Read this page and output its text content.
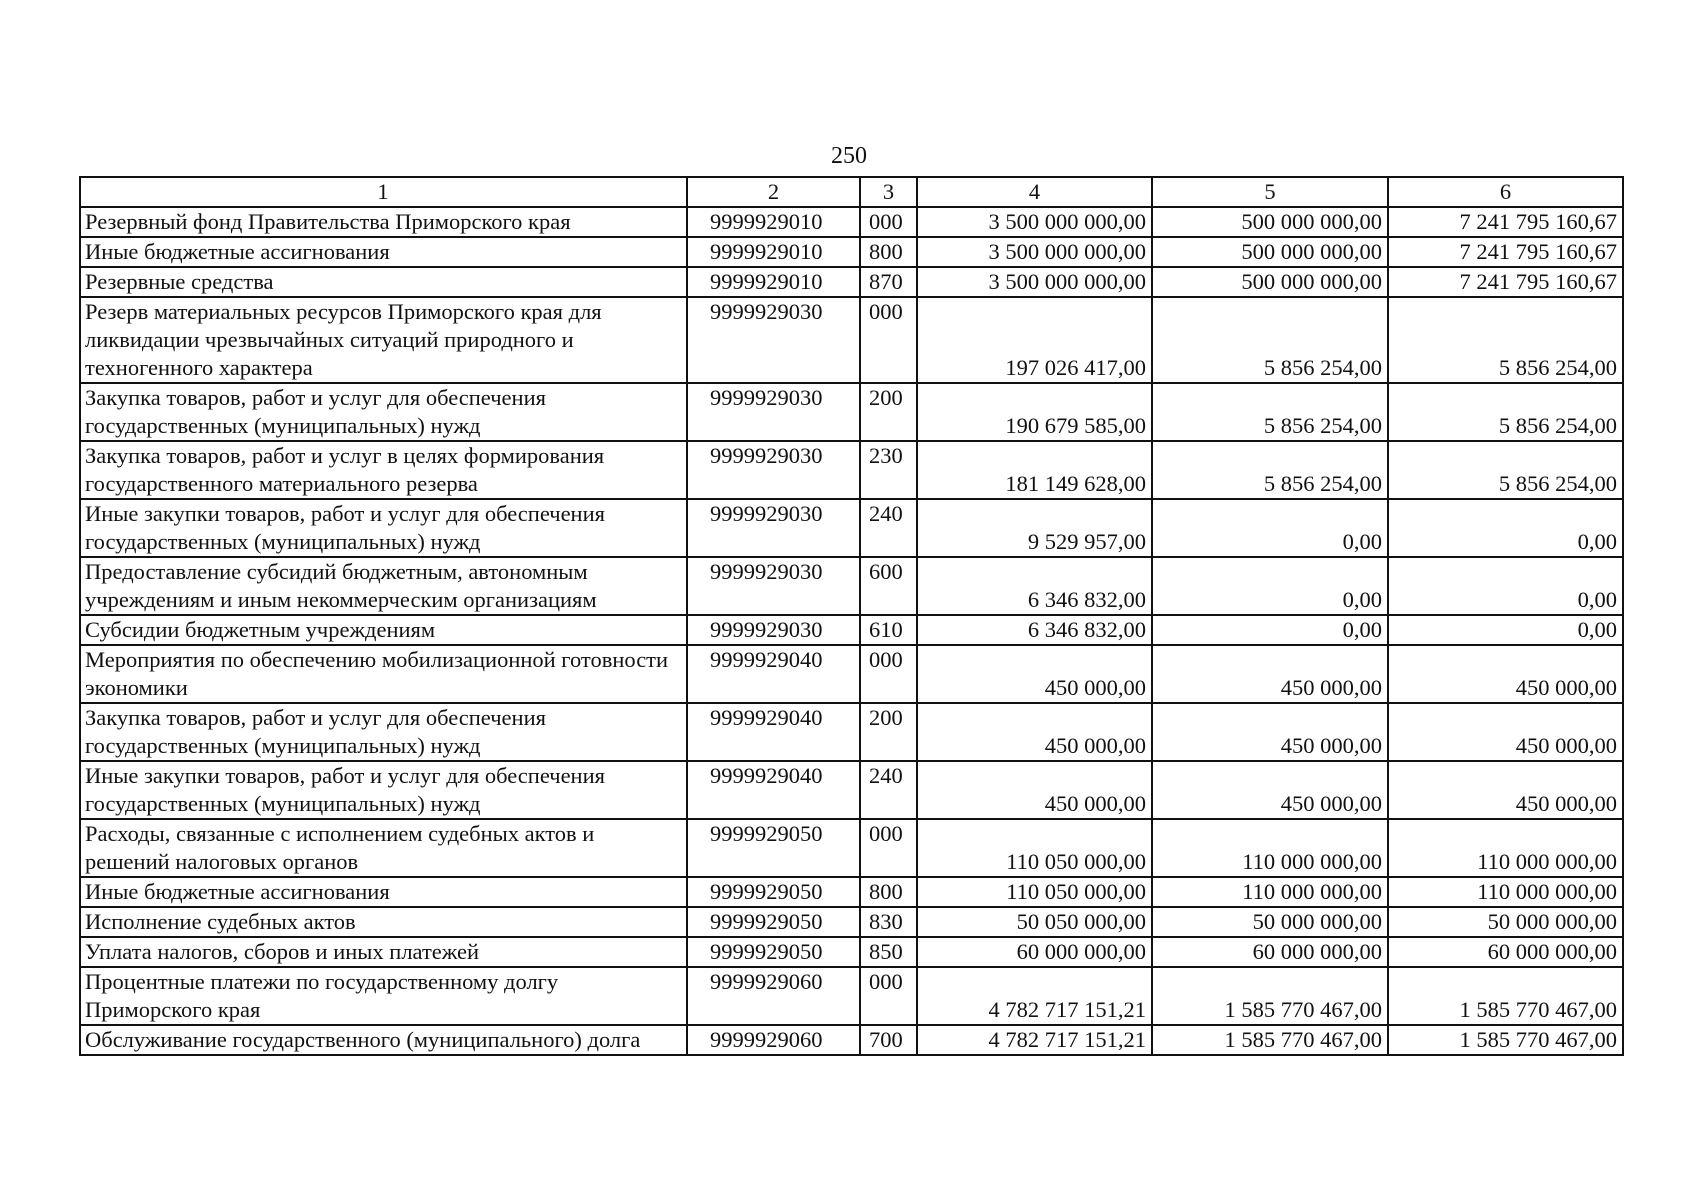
250
1	2	3	4	5	6
Резервный фонд Правительства Приморского края	9999929010	000	3 500 000 000,00	500 000 000,00	7 241 795 160,67
Иные бюджетные ассигнования	9999929010	800	3 500 000 000,00	500 000 000,00	7 241 795 160,67
Резервные средства	9999929010	870	3 500 000 000,00	500 000 000,00	7 241 795 160,67
Резерв материальных ресурсов Приморского края для ликвидации чрезвычайных ситуаций природного и техногенного характера	9999929030	000	197 026 417,00	5 856 254,00	5 856 254,00
Закупка товаров, работ и услуг для обеспечения государственных (муниципальных) нужд	9999929030	200	190 679 585,00	5 856 254,00	5 856 254,00
Закупка товаров, работ и услуг в целях формирования государственного материального резерва	9999929030	230	181 149 628,00	5 856 254,00	5 856 254,00
Иные закупки товаров, работ и услуг для обеспечения государственных (муниципальных) нужд	9999929030	240	9 529 957,00	0,00	0,00
Предоставление субсидий бюджетным, автономным учреждениям и иным некоммерческим организациям	9999929030	600	6 346 832,00	0,00	0,00
Субсидии бюджетным учреждениям	9999929030	610	6 346 832,00	0,00	0,00
Мероприятия по обеспечению мобилизационной готовности экономики	9999929040	000	450 000,00	450 000,00	450 000,00
Закупка товаров, работ и услуг для обеспечения государственных (муниципальных) нужд	9999929040	200	450 000,00	450 000,00	450 000,00
Иные закупки товаров, работ и услуг для обеспечения государственных (муниципальных) нужд	9999929040	240	450 000,00	450 000,00	450 000,00
Расходы, связанные с исполнением судебных актов и решений налоговых органов	9999929050	000	110 050 000,00	110 000 000,00	110 000 000,00
Иные бюджетные ассигнования	9999929050	800	110 050 000,00	110 000 000,00	110 000 000,00
Исполнение судебных актов	9999929050	830	50 050 000,00	50 000 000,00	50 000 000,00
Уплата налогов, сборов и иных платежей	9999929050	850	60 000 000,00	60 000 000,00	60 000 000,00
Процентные платежи по государственному долгу Приморского края	9999929060	000	4 782 717 151,21	1 585 770 467,00	1 585 770 467,00
Обслуживание государственного (муниципального) долга	9999929060	700	4 782 717 151,21	1 585 770 467,00	1 585 770 467,00
